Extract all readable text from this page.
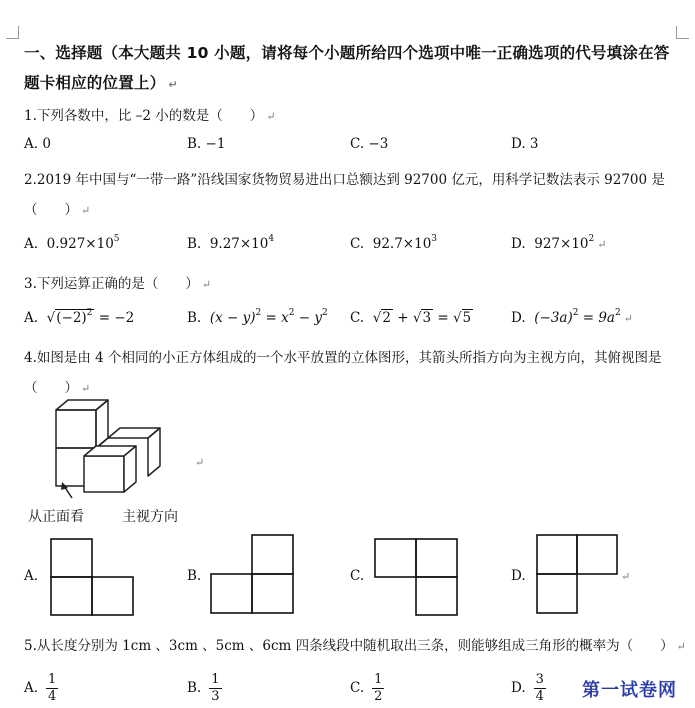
一、选择题（本大题共 10 小题，请将每个小题所给四个选项中唯一正确选项的代号填涂在答题卡相应的位置上） ↵
1.下列各数中，比 –2 小的数是（　　） ↵
A. 0	B. −1	C. −3	D. 3
2.2019 年中国与“一带一路”沿线国家货物贸易进出口总额达到 92700 亿元，用科学记数法表示 92700 是
（　　） ↵
A. $0.927\times 10^5$	B. $9.27\times 10^4$	C. $92.7\times 10^3$	D. $927\times 10^2$ ↵
3.下列运算正确的是（　　） ↵
A.  $√(-2)^2 = -2$	B. $(x - y)^2 = x^2 - y^2$ C.  √2 + √3 = √5	D. $(-3a)^2 = 9a^2$ ↵
4.如图是由 4 个相同的小正方体组成的一个水平放置的立体图形，其箭头所指方向为主视方向，其俯视图是
（　　） ↵
↵
从正面看	主视方向
A.	B.	C.	D.	↵
5.从长度分别为 1cm 、3cm 、5cm 、6cm 四条线段中随机取出三条，则能够组成三角形的概率为（　　） ↵
A. $\frac{1}{4}$	B. $\frac{1}{3}$	C. $\frac{1}{2}$	D. $\frac{3}{4}$ 第一试卷网
